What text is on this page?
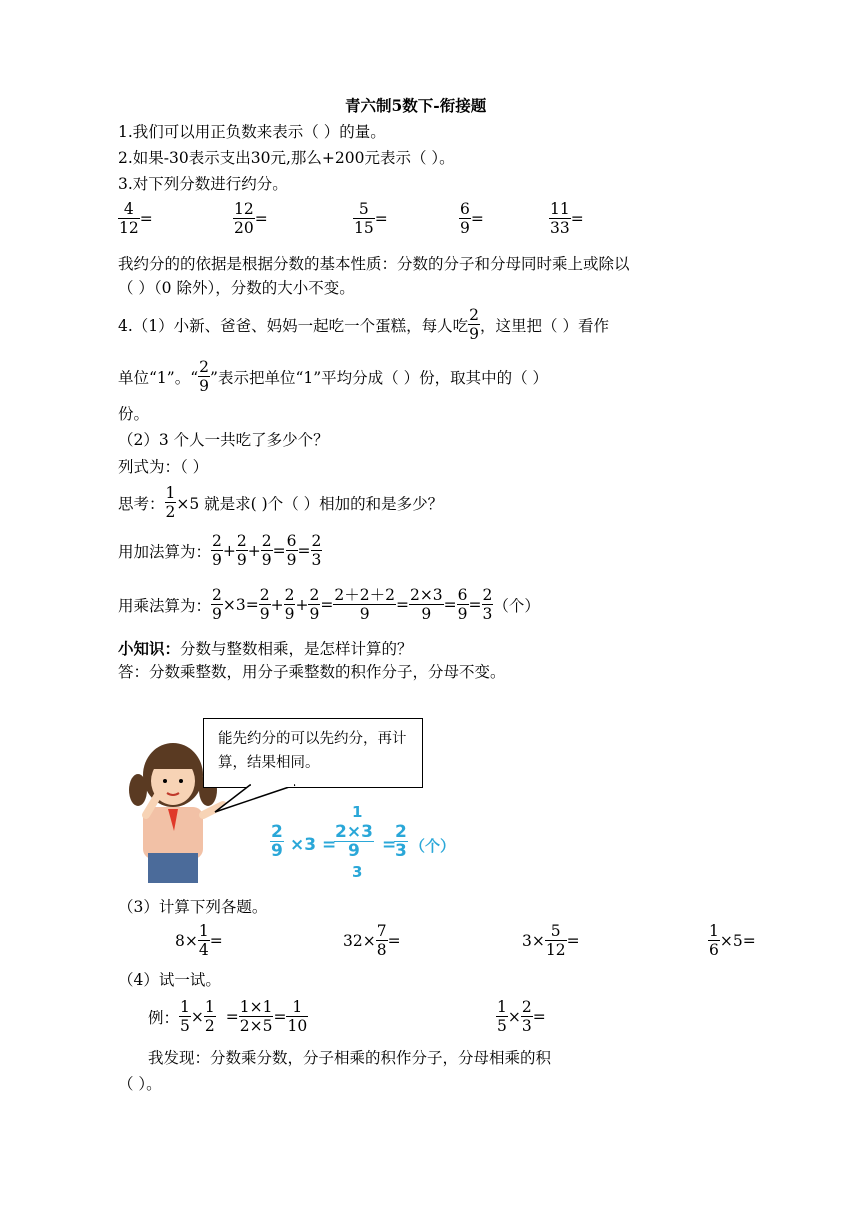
青六制5数下-衔接题
1.我们可以用正负数来表示（ ）的量。
2.如果-30表示支出30元,那么+200元表示（ ）。
3.对下列分数进行约分。
$\frac{4}{12}$ =	$\frac{12}{20}$ =	$\frac{5}{15}$ =	$\frac{6}{9}$ =	$\frac{11}{33}$ =
我约分的的依据是根据分数的基本性质：分数的分子和分母同时乘上或除以
（ ）（0 除外），分数的大小不变。
4.（1）小新、爸爸、妈妈一起吃一个蛋糕，每人吃 $\frac{2}{9}$ ，这里把（ ）看作
单位“1”。“ $\frac{2}{9}$ ”表示把单位“1”平均分成（ ）份，取其中的（ ）
份。
（2）3 个人一共吃了多少个？
列式为：（ ）
思考： $\frac{1}{2} \times 5$ 就是求( )个（ ）相加的和是多少？
用加法算为： $\frac{2}{9} + \frac{2}{9} + \frac{2}{9} = \frac{6}{9} = \frac{2}{3}$
用乘法算为： $\frac{2}{9} \times 3= \frac{2}{9} + \frac{2}{9} + \frac{2}{9} = \frac{2+2+2}{9} = \frac{2\times 3}{9} = \frac{6}{9} = \frac{2}{3}$ （个）
小知识： 分数与整数相乘，是怎样计算的？
答：分数乘整数，用分子乘整数的积作分子，分母不变。
能先约分的可以先约分，再计算，结果相同。
$\frac{2}{9} \times 3$ =
1
$\frac{2\times 3}{9}$
3
=
$\frac{2}{3}$ （个）
（3）计算下列各题。
$8\times \frac{1}{4}$ =	$32\times \frac{7}{8}$ =	$3\times \frac{5}{12}$ =	$\frac{1}{6} \times 5=$
（4）试一试。
例： $\frac{1}{5} \times \frac{1}{2} = \frac{1\times 1}{2\times 5} = \frac{1}{10}$	$\frac{1}{5} \times \frac{2}{3}$ =
我发现：分数乘分数，分子相乘的积作分子，分母相乘的积
（ ）。
